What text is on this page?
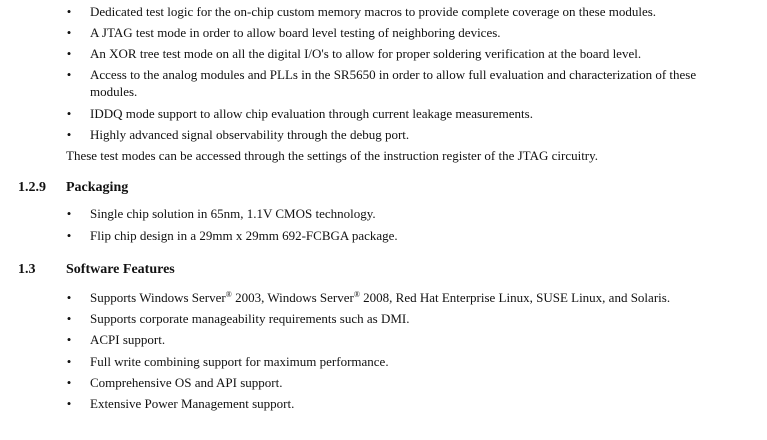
• Dedicated test logic for the on-chip custom memory macros to provide complete coverage on these modules.
• A JTAG test mode in order to allow board level testing of neighboring devices.
• An XOR tree test mode on all the digital I/O's to allow for proper soldering verification at the board level.
• Access to the analog modules and PLLs in the SR5650 in order to allow full evaluation and characterization of these modules.
• IDDQ mode support to allow chip evaluation through current leakage measurements.
• Highly advanced signal observability through the debug port.

These test modes can be accessed through the settings of the instruction register of the JTAG circuitry.

1.2.9 Packaging
• Single chip solution in 65nm, 1.1V CMOS technology.
• Flip chip design in a 29mm x 29mm 692-FCBGA package.
1.3 Software Features
• Supports Windows Server® 2003, Windows Server® 2008, Red Hat Enterprise Linux, SUSE Linux, and Solaris.
• Supports corporate manageability requirements such as DMI.
• ACPI support.
• Full write combining support for maximum performance.
• Comprehensive OS and API support.
• Extensive Power Management support.
